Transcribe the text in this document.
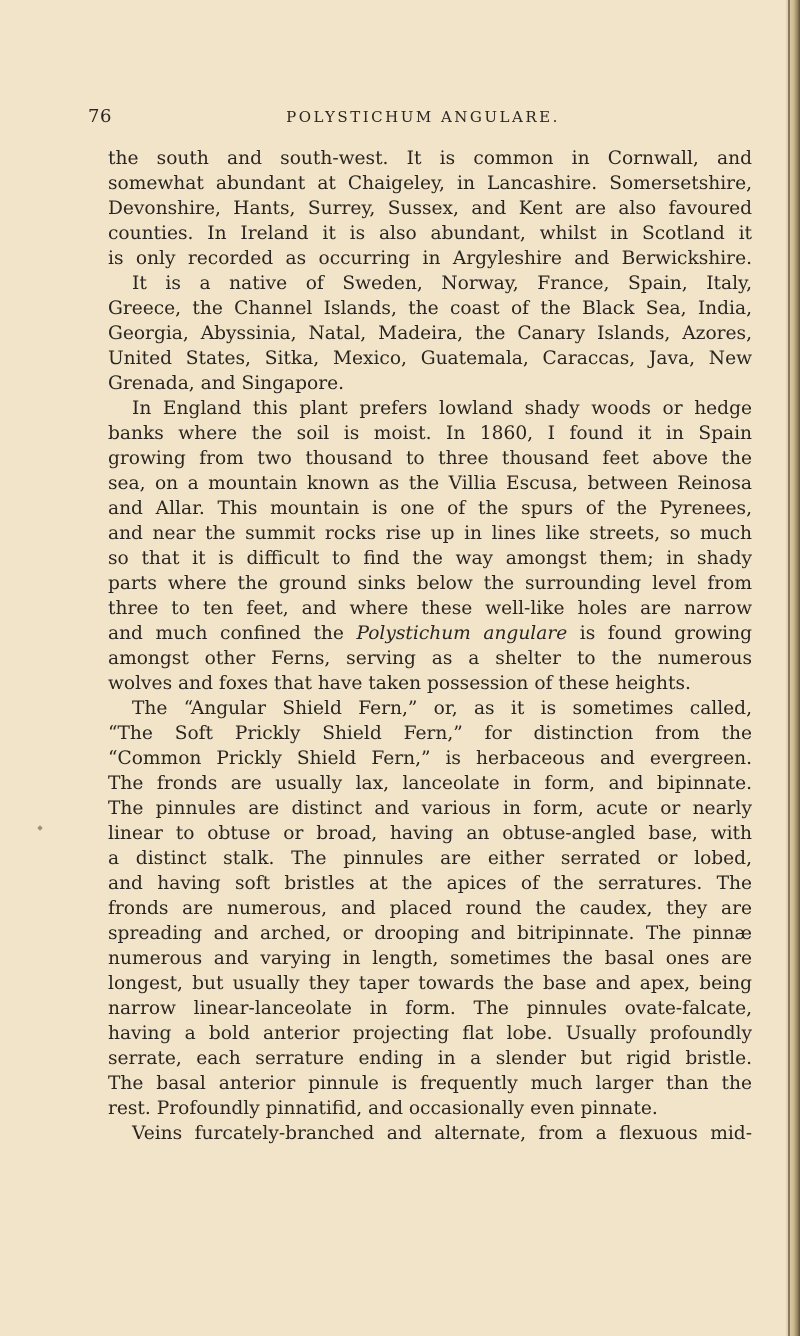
76	POLYSTICHUM ANGULARE.
the south and south-west. It is common in Cornwall, and
somewhat abundant at Chaigeley, in Lancashire. Somersetshire,
Devonshire, Hants, Surrey, Sussex, and Kent are also favoured
counties. In Ireland it is also abundant, whilst in Scotland it
is only recorded as occurring in Argyleshire and Berwickshire.
It is a native of Sweden, Norway, France, Spain, Italy,
Greece, the Channel Islands, the coast of the Black Sea, India,
Georgia, Abyssinia, Natal, Madeira, the Canary Islands, Azores,
United States, Sitka, Mexico, Guatemala, Caraccas, Java, New
Grenada, and Singapore.
In England this plant prefers lowland shady woods or hedge
banks where the soil is moist. In 1860, I found it in Spain
growing from two thousand to three thousand feet above the
sea, on a mountain known as the Villia Escusa, between Reinosa
and Allar. This mountain is one of the spurs of the Pyrenees,
and near the summit rocks rise up in lines like streets, so much
so that it is difficult to find the way amongst them; in shady
parts where the ground sinks below the surrounding level from
three to ten feet, and where these well-like holes are narrow
and much confined the Polystichum angulare is found growing
amongst other Ferns, serving as a shelter to the numerous
wolves and foxes that have taken possession of these heights.
The “Angular Shield Fern,” or, as it is sometimes called,
“The Soft Prickly Shield Fern,” for distinction from the
“Common Prickly Shield Fern,” is herbaceous and evergreen.
The fronds are usually lax, lanceolate in form, and bipinnate.
The pinnules are distinct and various in form, acute or nearly
linear to obtuse or broad, having an obtuse-angled base, with
a distinct stalk. The pinnules are either serrated or lobed,
and having soft bristles at the apices of the serratures. The
fronds are numerous, and placed round the caudex, they are
spreading and arched, or drooping and bitripinnate. The pinnæ
numerous and varying in length, sometimes the basal ones are
longest, but usually they taper towards the base and apex, being
narrow linear-lanceolate in form. The pinnules ovate-falcate,
having a bold anterior projecting flat lobe. Usually profoundly
serrate, each serrature ending in a slender but rigid bristle.
The basal anterior pinnule is frequently much larger than the
rest. Profoundly pinnatifid, and occasionally even pinnate.
Veins furcately-branched and alternate, from a flexuous mid-
